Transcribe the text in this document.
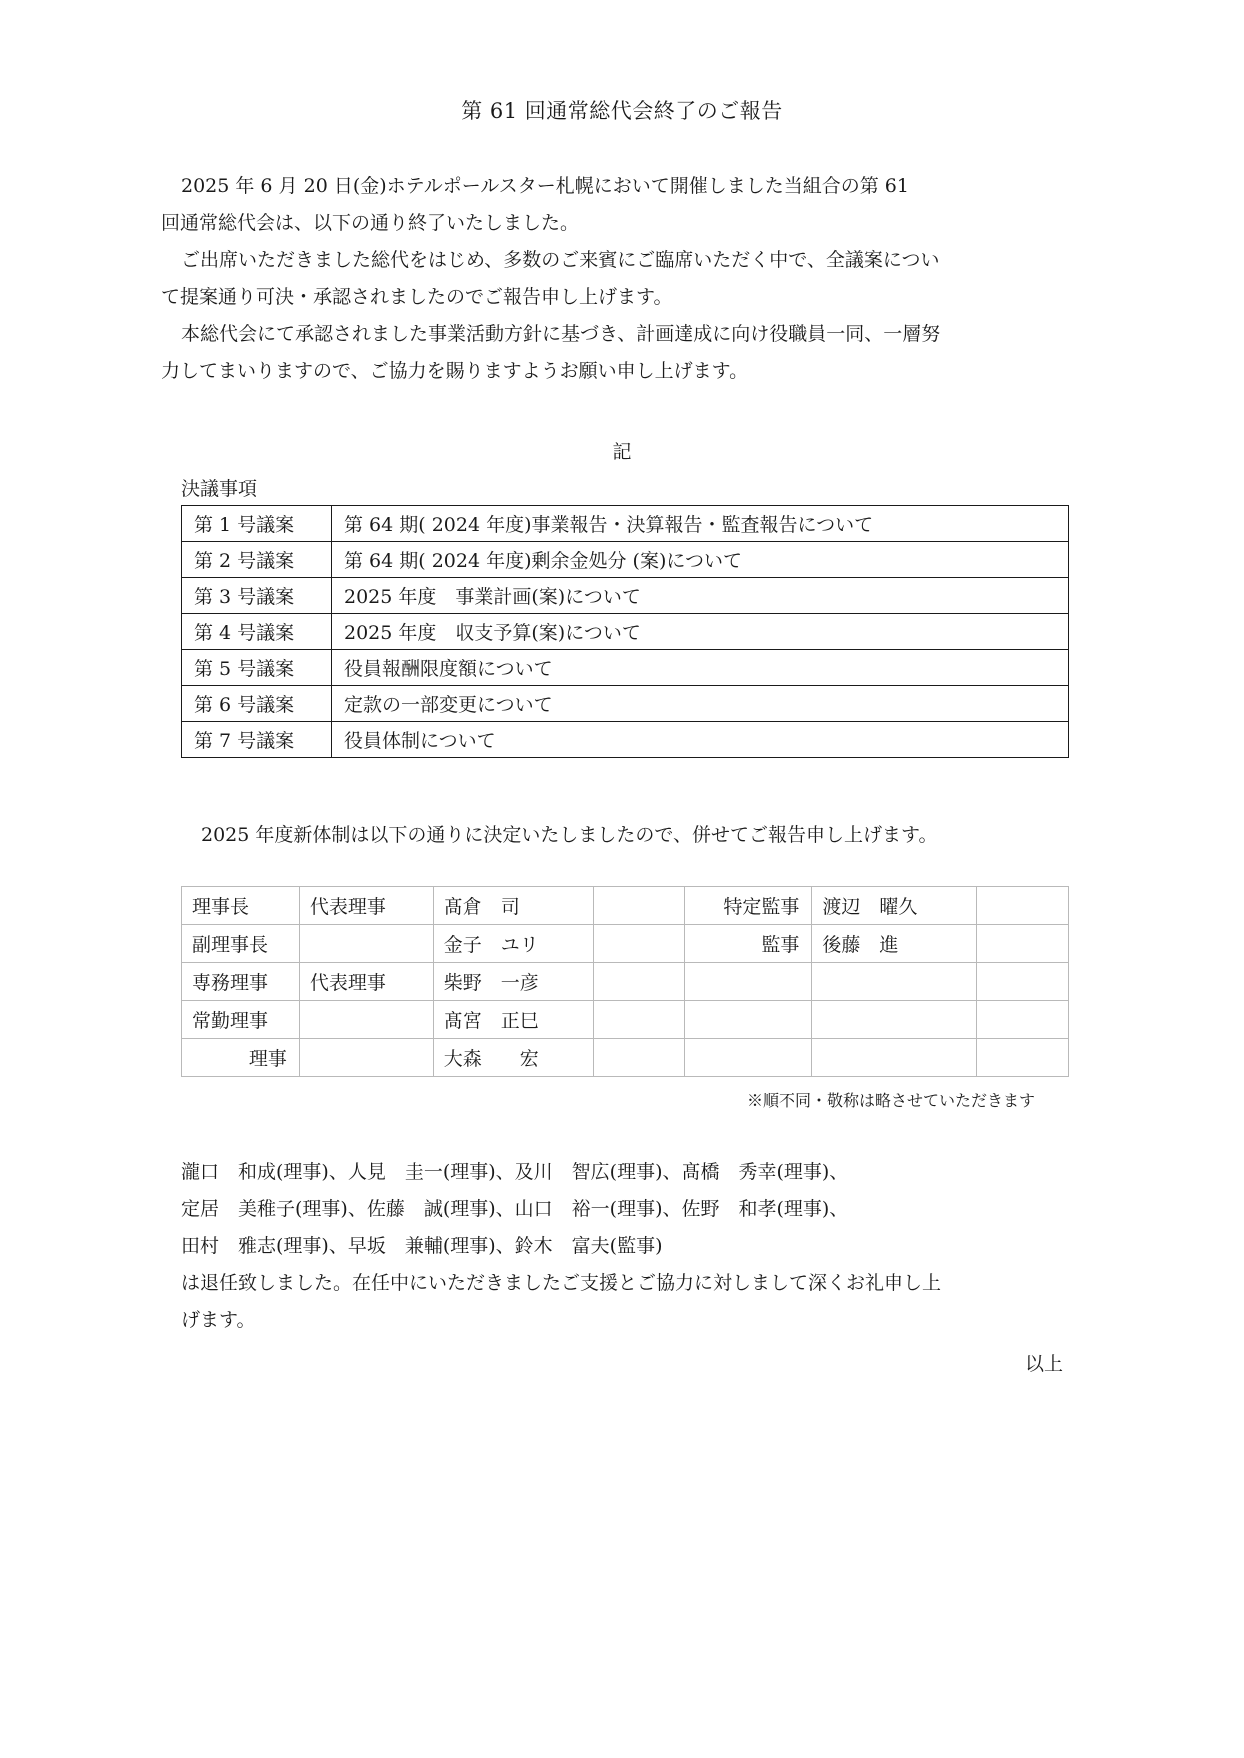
第 61 回通常総代会終了のご報告

2025 年 6 月 20 日(金)ホテルポールスター札幌において開催しました当組合の第 61

回通常総代会は、以下の通り終了いたしました。

ご出席いただきました総代をはじめ、多数のご来賓にご臨席いただく中で、全議案につい

て提案通り可決・承認されましたのでご報告申し上げます。

本総代会にて承認されました事業活動方針に基づき、計画達成に向け役職員一同、一層努

力してまいりますので、ご協力を賜りますようお願い申し上げます。

記
決議事項
第 1 号議案	第 64 期( 2024 年度)事業報告・決算報告・監査報告について
第 2 号議案	第 64 期( 2024 年度)剰余金処分 (案)について
第 3 号議案	2025 年度　事業計画(案)について
第 4 号議案	2025 年度　収支予算(案)について
第 5 号議案	役員報酬限度額について
第 6 号議案	定款の一部変更について
第 7 号議案	役員体制について
2025 年度新体制は以下の通りに決定いたしましたので、併せてご報告申し上げます。
理事長	代表理事	髙倉　司		特定監事	渡辺　曜久	
副理事長		金子　ユリ		監事	後藤　進	
専務理事	代表理事	柴野　一彦				
常勤理事		髙宮　正巳				
理事		大森　　宏				
※順不同・敬称は略させていただきます

瀧口　和成(理事)、人見　圭一(理事)、及川　智広(理事)、髙橋　秀幸(理事)、

定居　美稚子(理事)、佐藤　誠(理事)、山口　裕一(理事)、佐野　和孝(理事)、

田村　雅志(理事)、早坂　兼輔(理事)、鈴木　富夫(監事)

は退任致しました。在任中にいただきましたご支援とご協力に対しまして深くお礼申し上

げます。

以上
